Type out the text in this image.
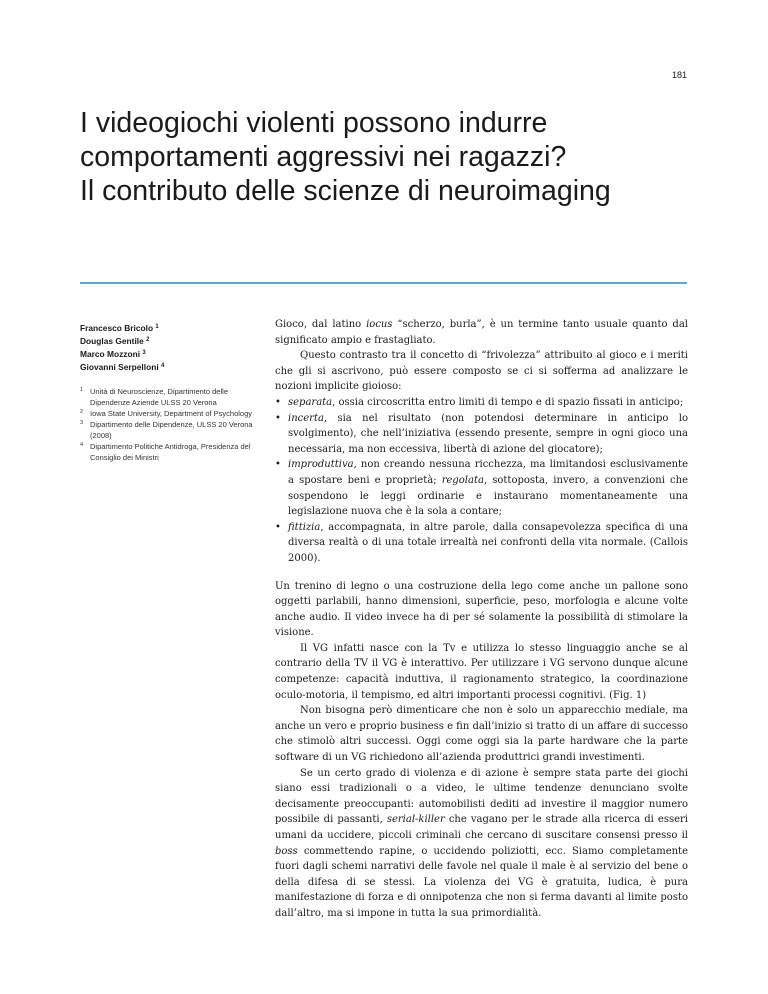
181
I videogiochi violenti possono indurre
comportamenti aggressivi nei ragazzi?
Il contributo delle scienze di neuroimaging
Francesco Bricolo $^1$
Douglas Gentile $^2$
Marco Mozzoni $^3$
Giovanni Serpelloni $^4$
1 Unità di Neuroscienze, Dipartimento delle Dipendenze Aziende ULSS 20 Verona
2 Iowa State University, Department of Psychology
3 Dipartimento delle Dipendenze, ULSS 20 Verona (2008)
4 Dipartimento Politiche Antidroga, Presidenza del Consiglio dei Ministri

Gioco, dal latino iocus “scherzo, burla”, è un termine tanto usuale quanto dal significato ampio e frastagliato.

Questo contrasto tra il concetto di “frivolezza” attribuito al gioco e i meriti che gli si ascrivono, può essere composto se ci si sofferma ad analizzare le nozioni implicite gioioso:

• separata, ossia circoscritta entro limiti di tempo e di spazio fissati in anticipo;
• incerta, sia nel risultato (non potendosi determinare in anticipo lo svolgimento), che nell’iniziativa (essendo presente, sempre in ogni gioco una necessaria, ma non eccessiva, libertà di azione del giocatore);
• improduttiva, non creando nessuna ricchezza, ma limitandosi esclusivamente a spostare beni e proprietà; regolata, sottoposta, invero, a convenzioni che sospendono le leggi ordinarie e instaurano momentaneamente una legislazione nuova che è la sola a contare;
• fittizia, accompagnata, in altre parole, dalla consapevolezza specifica di una diversa realtà o di una totale irrealtà nei confronti della vita normale. (Callois 2000).

Un trenino di legno o una costruzione della lego come anche un pallone sono oggetti parlabili, hanno dimensioni, superficie, peso, morfologia e alcune volte anche audio. Il video invece ha di per sé solamente la possibilità di stimolare la visione.

Il VG infatti nasce con la Tv e utilizza lo stesso linguaggio anche se al contrario della TV il VG è interattivo. Per utilizzare i VG servono dunque alcune competenze: capacità induttiva, il ragionamento strategico, la coordinazione oculo-motoria, il tempismo, ed altri importanti processi cognitivi. (Fig. 1)

Non bisogna però dimenticare che non è solo un apparecchio mediale, ma anche un vero e proprio business e fin dall’inizio si tratto di un affare di successo che stimolò altri successi. Oggi come oggi sia la parte hardware che la parte software di un VG richiedono all’azienda produttrici grandi investimenti.

Se un certo grado di violenza e di azione è sempre stata parte dei giochi siano essi tradizionali o a video, le ultime tendenze denunciano svolte decisamente preoccupanti: automobilisti dediti ad investire il maggior numero possibile di passanti, serial-killer che vagano per le strade alla ricerca di esseri umani da uccidere, piccoli criminali che cercano di suscitare consensi presso il boss commettendo rapine, o uccidendo poliziotti, ecc. Siamo completamente fuori dagli schemi narrativi delle favole nel quale il male è al servizio del bene o della difesa di se stessi. La violenza dei VG è gratuita, ludica, è pura manifestazione di forza e di onnipotenza che non si ferma davanti al limite posto dall’altro, ma si impone in tutta la sua primordialità.
